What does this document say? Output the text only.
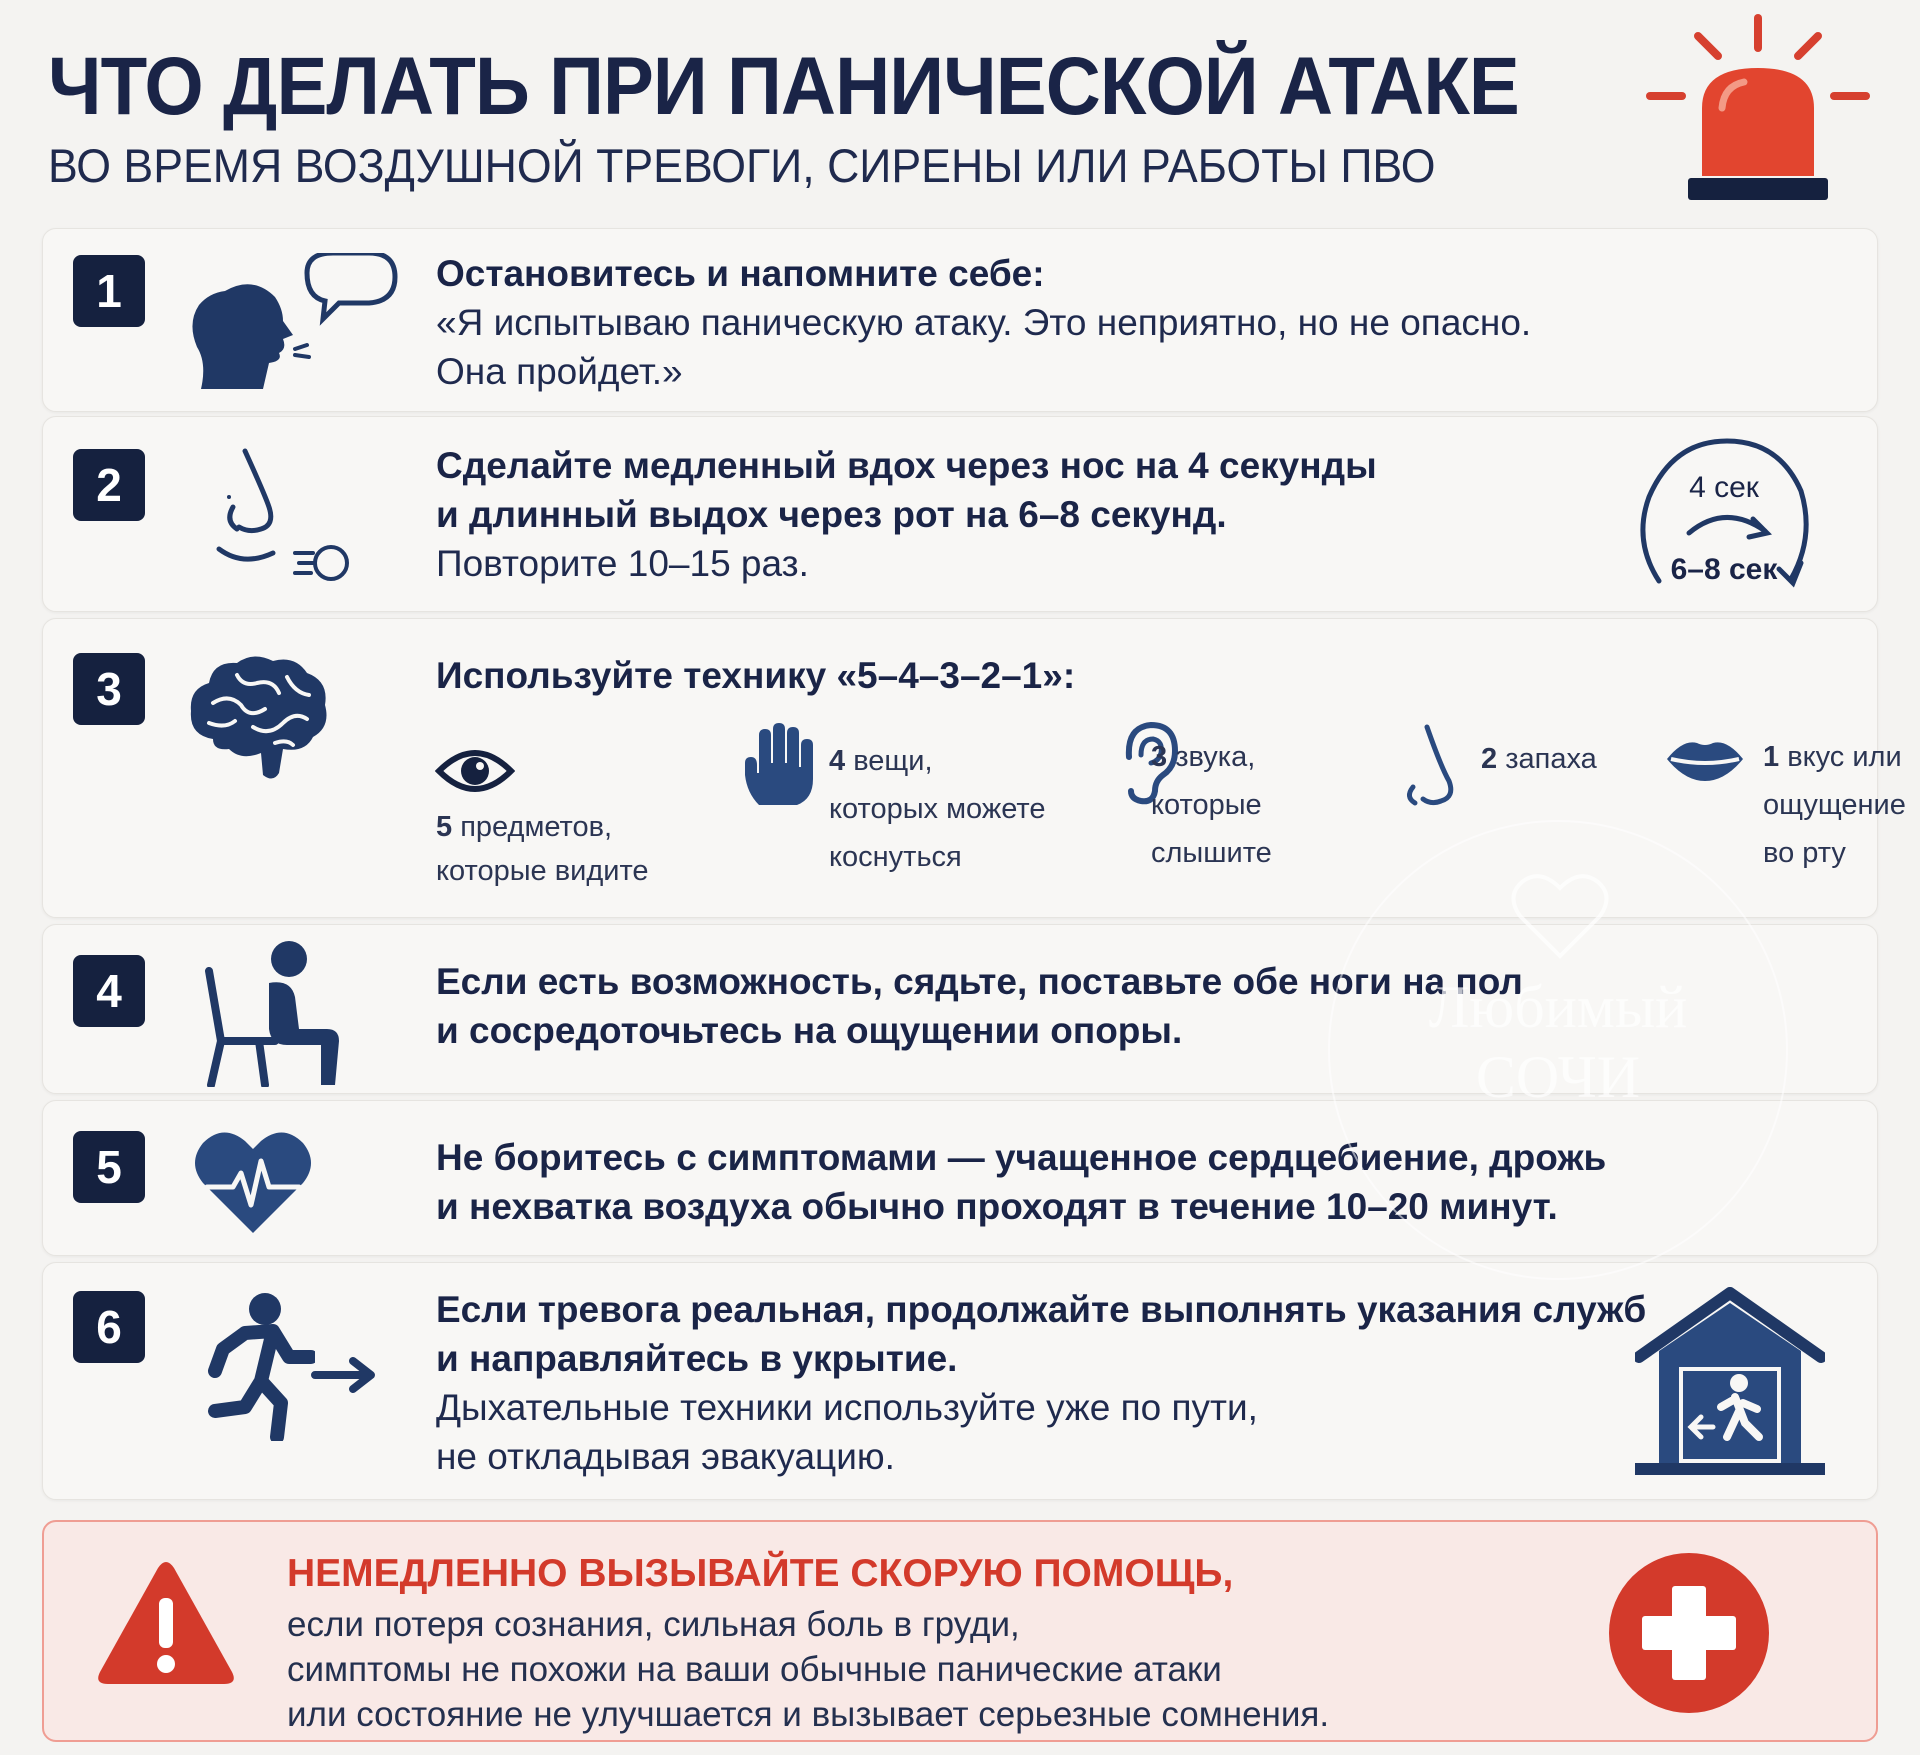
ЧТО ДЕЛАТЬ ПРИ ПАНИЧЕСКОЙ АТАКЕ
ВО ВРЕМЯ ВОЗДУШНОЙ ТРЕВОГИ, СИРЕНЫ ИЛИ РАБОТЫ ПВО
1	Остановитесь и напомните себе:
«Я испытываю паническую атаку. Это неприятно, но не опасно.
Она пройдет.»
2	Сделайте медленный вдох через нос на 4 секунды
и длинный выдох через рот на 6–8 секунд.
Повторите 10–15 раз.
4 сек
6–8 сек
3	Используйте технику «5–4–3–2–1»:
5 предметов,
которые видите
4 вещи,
которых можете
коснуться
3 звука,
которые
слышите
2 запаха	1 вкус или
ощущение
во рту
4	Если есть возможность, сядьте, поставьте обе ноги на пол
и сосредоточьтесь на ощущении опоры.
5	Не боритесь с симптомами — учащенное сердцебиение, дрожь
и нехватка воздуха обычно проходят в течение 10–20 минут.
6	Если тревога реальная, продолжайте выполнять указания служб
и направляйтесь в укрытие.
Дыхательные техники используйте уже по пути,
не откладывая эвакуацию.
Любимый
СОЧИ
НЕМЕДЛЕННО ВЫЗЫВАЙТЕ СКОРУЮ ПОМОЩЬ,
если потеря сознания, сильная боль в груди,
симптомы не похожи на ваши обычные панические атаки
или состояние не улучшается и вызывает серьезные сомнения.
